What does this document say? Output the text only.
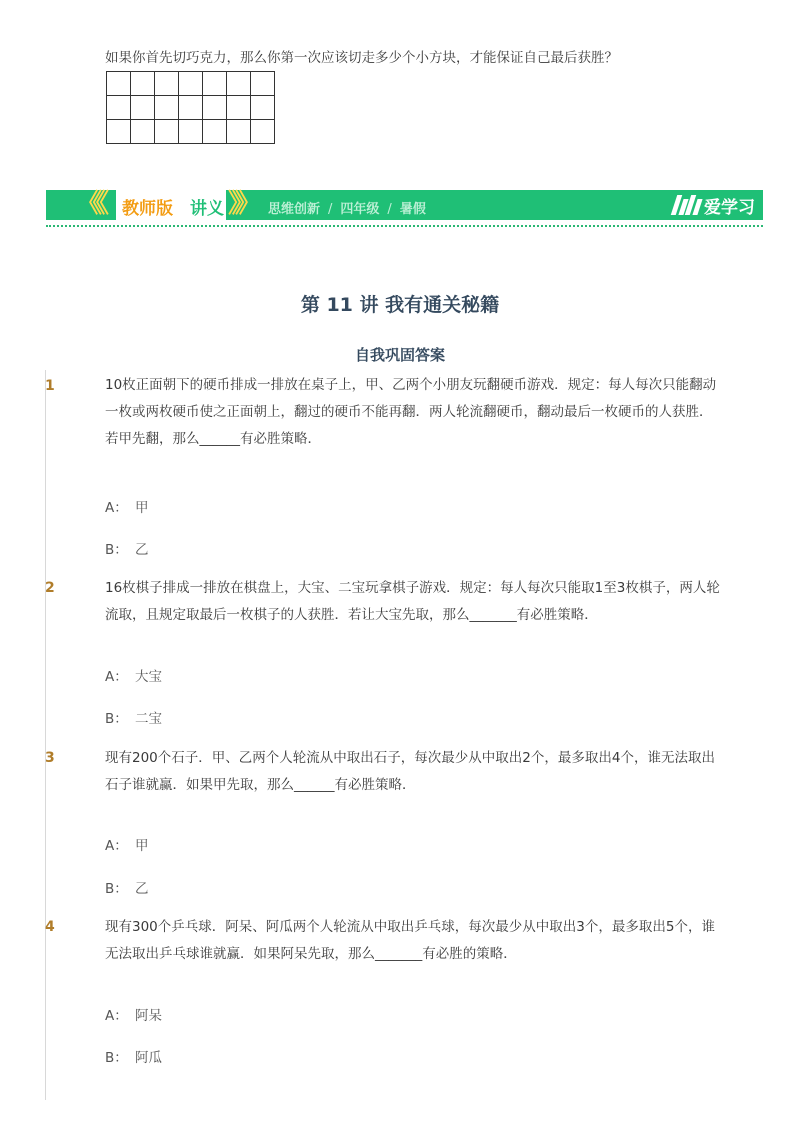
如果你首先切巧克力，那么你第一次应该切走多少个小方块，才能保证自己最后获胜？
《《 教师版 讲义 》》 思维创新 / 四年级 / 暑假	爱学习
第 11 讲 我有通关秘籍
自我巩固答案
1	10枚正面朝下的硬币排成一排放在桌子上，甲、乙两个小朋友玩翻硬币游戏．规定：每人每次只能翻动一枚或两枚硬币使之正面朝上，翻过的硬币不能再翻．两人轮流翻硬币，翻动最后一枚硬币的人获胜．若甲先翻，那么______有必胜策略．
A： 甲
B： 乙
2	16枚棋子排成一排放在棋盘上，大宝、二宝玩拿棋子游戏．规定：每人每次只能取1至3枚棋子，两人轮流取，且规定取最后一枚棋子的人获胜．若让大宝先取，那么_______有必胜策略．
A： 大宝
B： 二宝
3	现有200个石子．甲、乙两个人轮流从中取出石子，每次最少从中取出2个，最多取出4个，谁无法取出石子谁就赢．如果甲先取，那么______有必胜策略．
A： 甲
B： 乙
4	现有300个乒乓球．阿呆、阿瓜两个人轮流从中取出乒乓球，每次最少从中取出3个，最多取出5个，谁无法取出乒乓球谁就赢．如果阿呆先取，那么_______有必胜的策略．
A： 阿呆
B： 阿瓜
